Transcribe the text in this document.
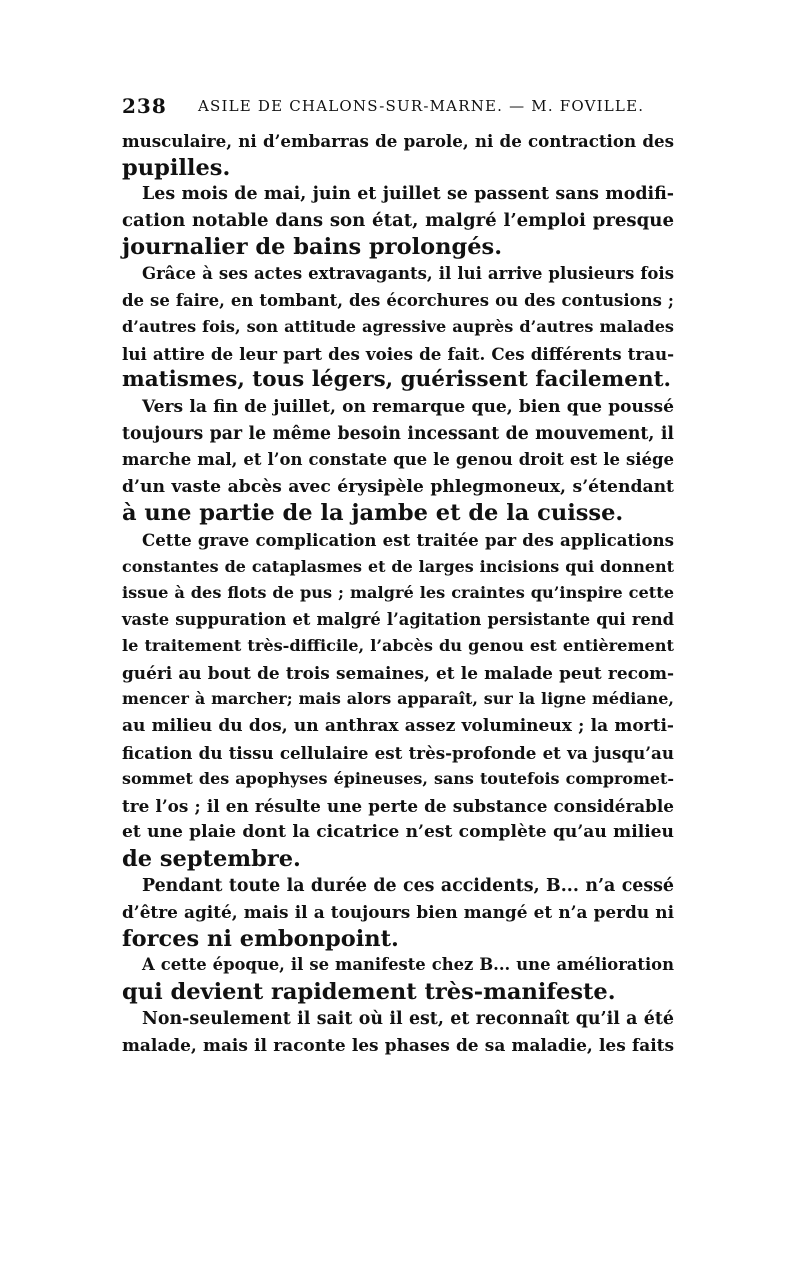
238 ASILE DE CHALONS-SUR-MARNE. — M. FOVILLE.
musculaire, ni d’embarras de parole, ni de contraction des
pupilles.
Les mois de mai, juin et juillet se passent sans modifi-
cation notable dans son état, malgré l’emploi presque
journalier de bains prolongés.
Grâce à ses actes extravagants, il lui arrive plusieurs fois
de se faire, en tombant, des écorchures ou des contusions ;
d’autres fois, son attitude agressive auprès d’autres malades
lui attire de leur part des voies de fait. Ces différents trau-
matismes, tous légers, guérissent facilement.
Vers la fin de juillet, on remarque que, bien que poussé
toujours par le même besoin incessant de mouvement, il
marche mal, et l’on constate que le genou droit est le siége
d’un vaste abcès avec érysipèle phlegmoneux, s’étendant
à une partie de la jambe et de la cuisse.
Cette grave complication est traitée par des applications
constantes de cataplasmes et de larges incisions qui donnent
issue à des flots de pus ; malgré les craintes qu’inspire cette
vaste suppuration et malgré l’agitation persistante qui rend
le traitement très-difficile, l’abcès du genou est entièrement
guéri au bout de trois semaines, et le malade peut recom-
mencer à marcher; mais alors apparaît, sur la ligne médiane,
au milieu du dos, un anthrax assez volumineux ; la morti-
fication du tissu cellulaire est très-profonde et va jusqu’au
sommet des apophyses épineuses, sans toutefois compromet-
tre l’os ; il en résulte une perte de substance considérable
et une plaie dont la cicatrice n’est complète qu’au milieu
de septembre.
Pendant toute la durée de ces accidents, B... n’a cessé
d’être agité, mais il a toujours bien mangé et n’a perdu ni
forces ni embonpoint.
A cette époque, il se manifeste chez B... une amélioration
qui devient rapidement très-manifeste.
Non-seulement il sait où il est, et reconnaît qu’il a été
malade, mais il raconte les phases de sa maladie, les faits
